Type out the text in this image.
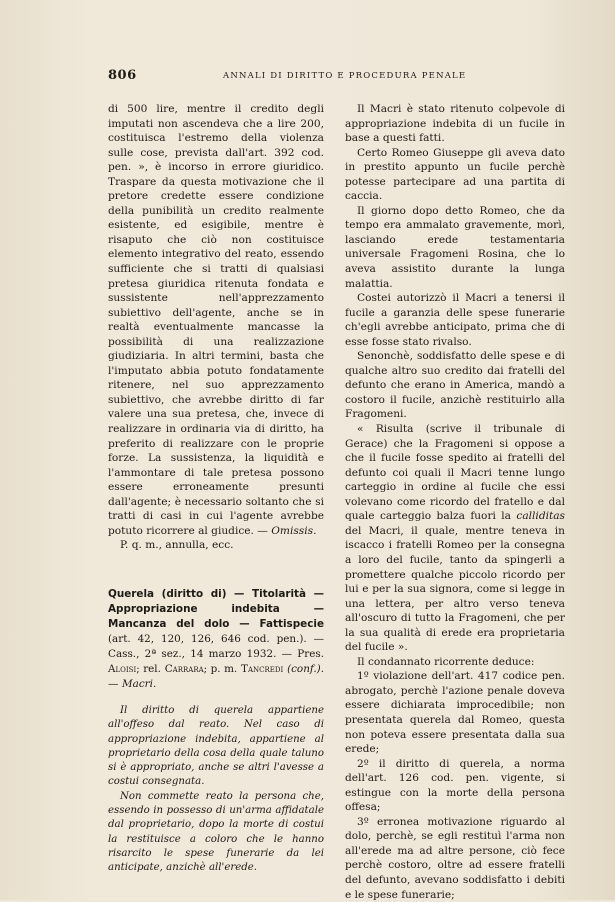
806	ANNALI DI DIRITTO E PROCEDURA PENALE

di 500 lire, mentre il credito degli imputati non ascendeva che a lire 200, costituisca l'estremo della violenza sulle cose, prevista dall'art. 392 cod. pen. », è incorso in errore giuridico. Traspare da questa motivazione che il pretore credette essere condizione della punibilità un credito realmente esistente, ed esigibile, mentre è risaputo che ciò non costituisce elemento integrativo del reato, essendo sufficiente che si tratti di qualsiasi pretesa giuridica ritenuta fondata e sussistente nell'apprezzamento subiettivo dell'agente, anche se in realtà eventualmente mancasse la possibilità di una realizzazione giudiziaria. In altri termini, basta che l'imputato abbia potuto fondatamente ritenere, nel suo apprezzamento subiettivo, che avrebbe diritto di far valere una sua pretesa, che, invece di realizzare in ordinaria via di diritto, ha preferito di realizzare con le proprie forze. La sussistenza, la liquidità e l'ammontare di tale pretesa possono essere erroneamente presunti dall'agente; è necessario soltanto che si tratti di casi in cui l'agente avrebbe potuto ricorrere al giudice. — Omissis.

P. q. m., annulla, ecc.

Querela (diritto di) — Titolarità — Appropriazione indebita — Mancanza del dolo — Fattispecie (art. 42, 120, 126, 646 cod. pen.). — Cass., 2ª sez., 14 marzo 1932. — Pres. Aloisi; rel. Carrara; p. m. Tancredi (conf.). — Macri.

Il diritto di querela appartiene all'offeso dal reato. Nel caso di appropriazione indebita, appartiene al proprietario della cosa della quale taluno si è appropriato, anche se altri l'avesse a costui consegnata.

Non commette reato la persona che, essendo in possesso di un'arma affidatale dal proprietario, dopo la morte di costui la restituisce a coloro che le hanno risarcito le spese funerarie da lei anticipate, anzichè all'erede.

Il Macri è stato ritenuto colpevole di appropriazione indebita di un fucile in base a questi fatti.

Certo Romeo Giuseppe gli aveva dato in prestito appunto un fucile perchè potesse partecipare ad una partita di caccia.

Il giorno dopo detto Romeo, che da tempo era ammalato gravemente, morì, lasciando erede testamentaria universale Fragomeni Rosina, che lo aveva assistito durante la lunga malattia.

Costei autorizzò il Macri a tenersi il fucile a garanzia delle spese funerarie ch'egli avrebbe anticipato, prima che di esse fosse stato rivalso.

Senonchè, soddisfatto delle spese e di qualche altro suo credito dai fratelli del defunto che erano in America, mandò a costoro il fucile, anzichè restituirlo alla Fragomeni.

« Risulta (scrive il tribunale di Gerace) che la Fragomeni si oppose a che il fucile fosse spedito ai fratelli del defunto coi quali il Macri tenne lungo carteggio in ordine al fucile che essi volevano come ricordo del fratello e dal quale carteggio balza fuori la calliditas del Macri, il quale, mentre teneva in iscacco i fratelli Romeo per la consegna a loro del fucile, tanto da spingerli a promettere qualche piccolo ricordo per lui e per la sua signora, come si legge in una lettera, per altro verso teneva all'oscuro di tutto la Fragomeni, che per la sua qualità di erede era proprietaria del fucile ».

Il condannato ricorrente deduce:

1º violazione dell'art. 417 codice pen. abrogato, perchè l'azione penale doveva essere dichiarata improcedibile; non presentata querela dal Romeo, questa non poteva essere presentata dalla sua erede;

2º il diritto di querela, a norma dell'art. 126 cod. pen. vigente, si estingue con la morte della persona offesa;

3º erronea motivazione riguardo al dolo, perchè, se egli restituì l'arma non all'erede ma ad altre persone, ciò fece perchè costoro, oltre ad essere fratelli del defunto, avevano soddisfatto i debiti e le spese funerarie;
